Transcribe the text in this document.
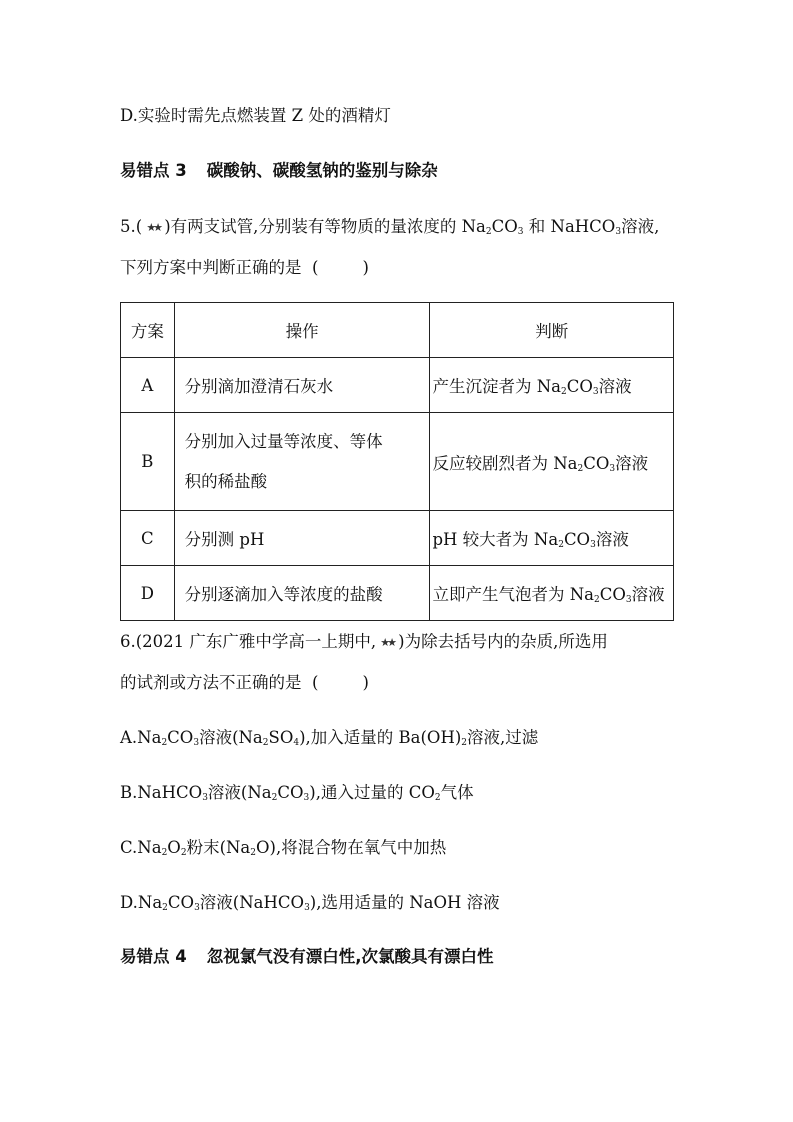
D.实验时需先点燃装置 Z 处的酒精灯
易错点 3 碳酸钠、碳酸氢钠的鉴别与除杂
5.( ★★ )有两支试管,分别装有等物质的量浓度的 $Na_2CO_3$ 和 NaHCO$_3$溶液,
下列方案中判断正确的是 (	)
方案	操作	判断
A	分别滴加澄清石灰水	产生沉淀者为 $Na_2CO_3$溶液
B	分别加入过量等浓度、等体
积的稀盐酸	反应较剧烈者为 $Na_2CO_3$溶液
C	分别测 pH	pH 较大者为 $Na_2CO_3$溶液
D	分别逐滴加入等浓度的盐酸	立即产生气泡者为 $Na_2CO_3$溶液
6.(2021 广东广雅中学高一上期中, ★★ )为除去括号内的杂质,所选用
的试剂或方法不正确的是 (	)
$A.Na_2CO_3$溶液$(Na_2SO_4)$,加入适量的 $Ba(OH)_2$溶液,过滤
B.NaHCO$_3$溶液$(Na_2CO_3)$,通入过量的 $CO_2$气体
$C.Na_2O_2$粉末$(Na_2O)$,将混合物在氧气中加热
$D.Na_2CO_3$溶液(NaHCO$_3$),选用适量的 NaOH 溶液
易错点 4 忽视氯气没有漂白性,次氯酸具有漂白性
